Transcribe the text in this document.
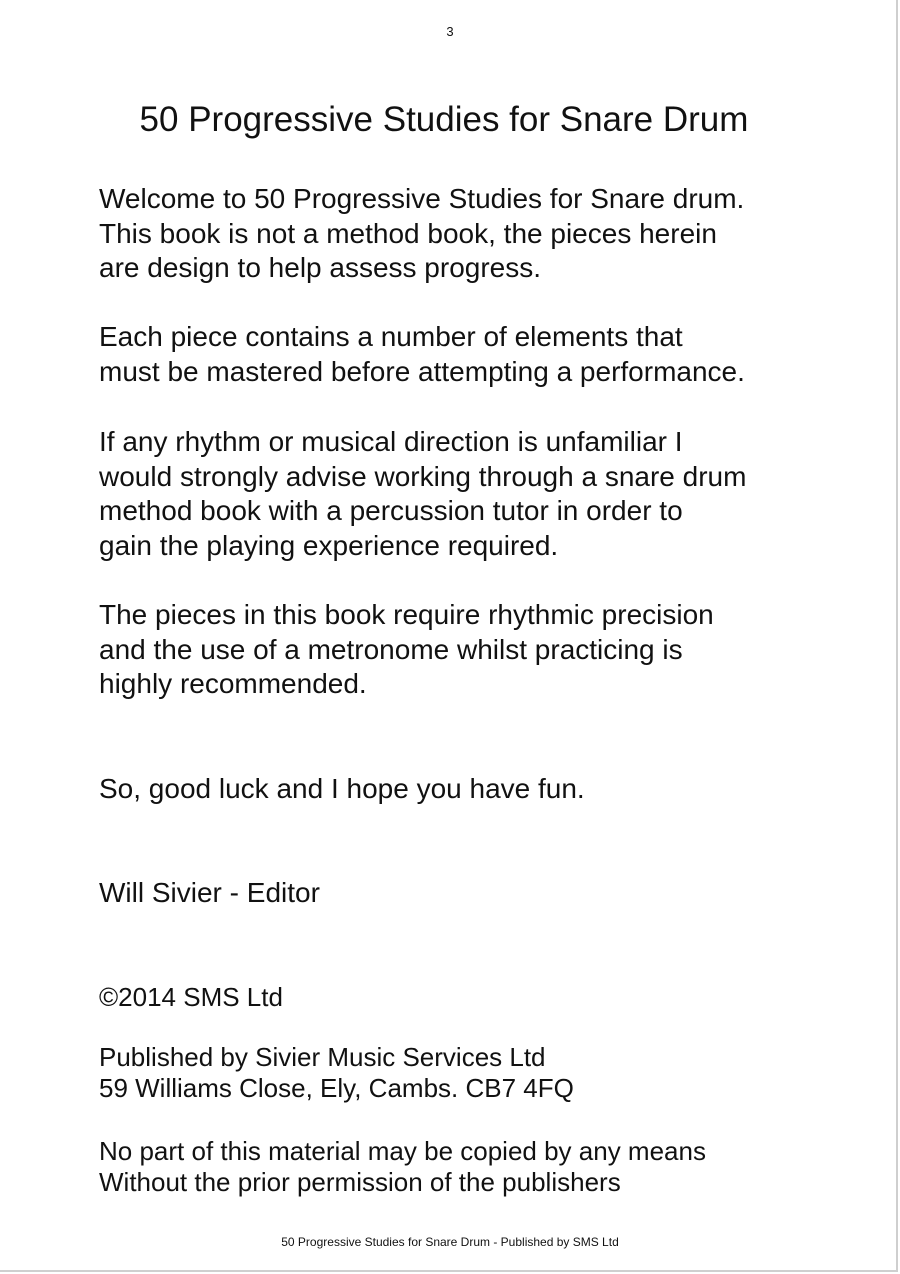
3
50 Progressive Studies for Snare Drum

Welcome to 50 Progressive Studies for Snare drum.
This book is not a method book, the pieces herein
are design to help assess progress.

Each piece contains a number of elements that
must be mastered before attempting a performance.

If any rhythm or musical direction is unfamiliar I
would strongly advise working through a snare drum
method book with a percussion tutor in order to
gain the playing experience required.

The pieces in this book require rhythmic precision
and the use of a metronome whilst practicing is
highly recommended.

So, good luck and I hope you have fun.

Will Sivier - Editor

©2014 SMS Ltd

Published by Sivier Music Services Ltd
59 Williams Close, Ely, Cambs. CB7 4FQ

No part of this material may be copied by any means
Without the prior permission of the publishers

50 Progressive Studies for Snare Drum - Published by SMS Ltd
